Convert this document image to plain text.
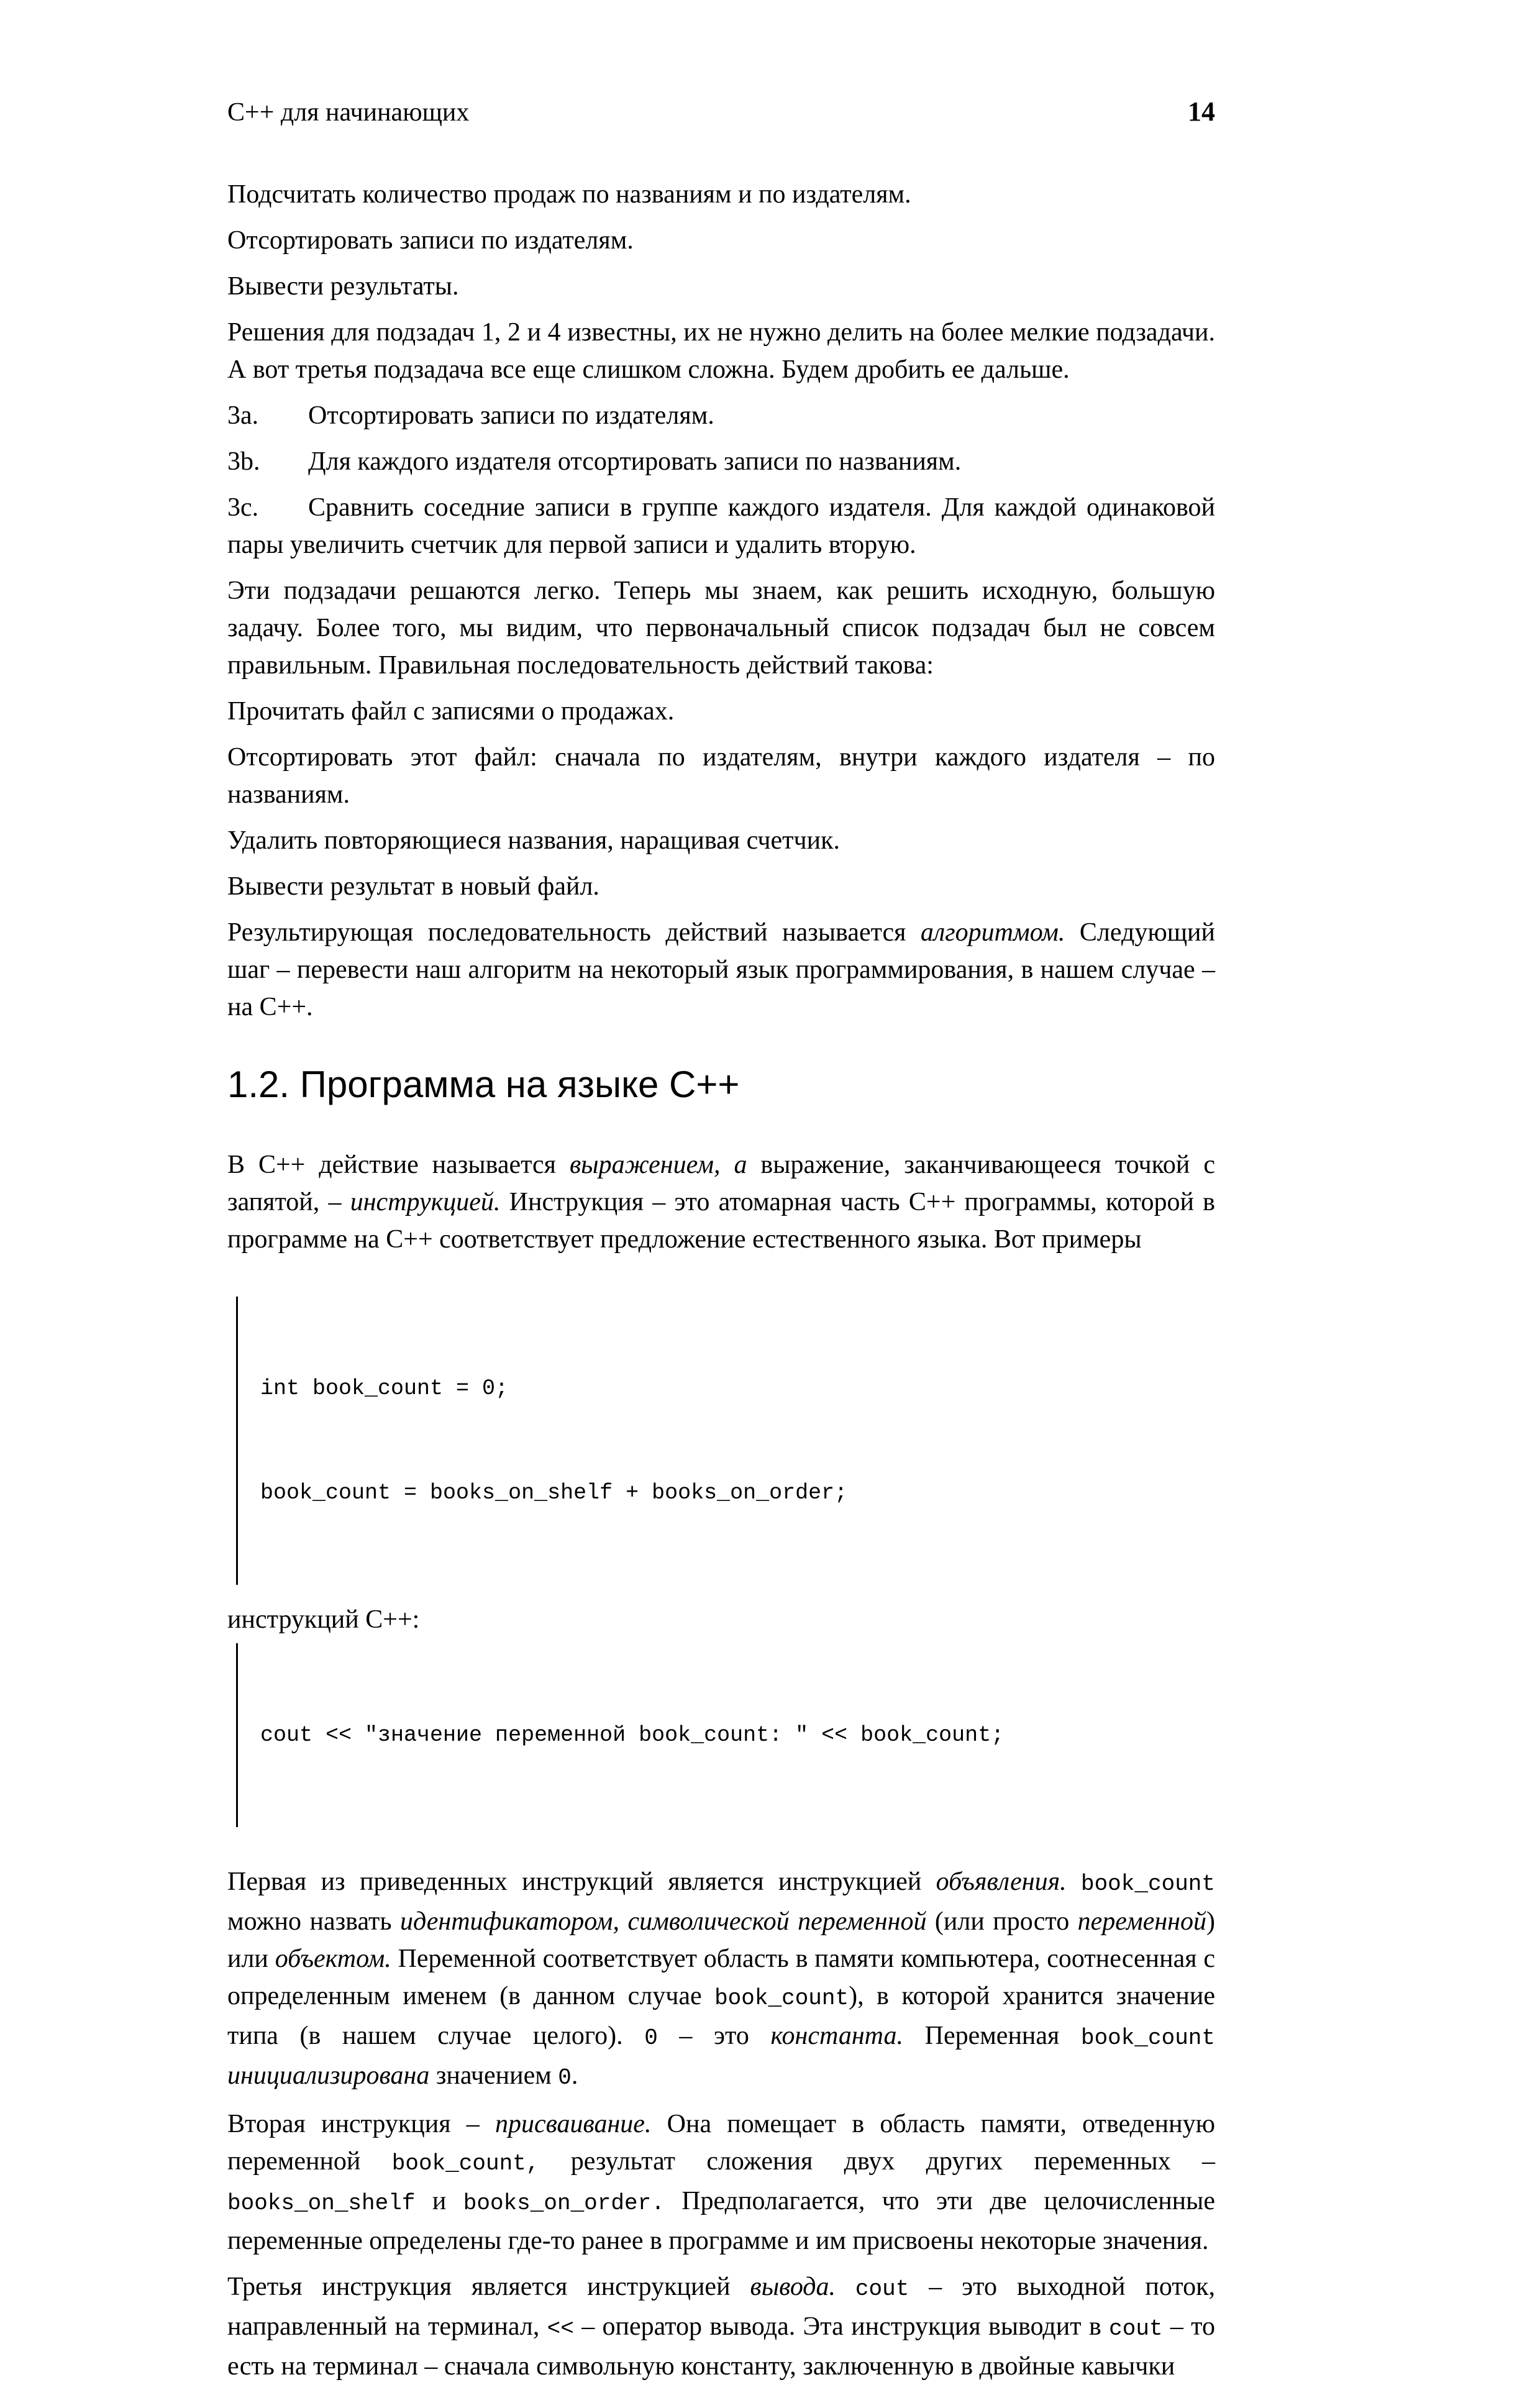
С++ для начинающих	14

Подсчитать количество продаж по названиям и по издателям.

Отсортировать записи по издателям.

Вывести результаты.

Решения для подзадач 1, 2 и 4 известны, их не нужно делить на более мелкие подзадачи. А вот третья подзадача все еще слишком сложна. Будем дробить ее дальше.

3a. Отсортировать записи по издателям.

3b. Для каждого издателя отсортировать записи по названиям.

3c. Сравнить соседние записи в группе каждого издателя. Для каждой одинаковой пары увеличить счетчик для первой записи и удалить вторую.

Эти подзадачи решаются легко. Теперь мы знаем, как решить исходную, большую задачу. Более того, мы видим, что первоначальный список подзадач был не совсем правильным. Правильная последовательность действий такова:

Прочитать файл с записями о продажах.

Отсортировать этот файл: сначала по издателям, внутри каждого издателя – по названиям.

Удалить повторяющиеся названия, наращивая счетчик.

Вывести результат в новый файл.

Результирующая последовательность действий называется алгоритмом. Следующий шаг – перевести наш алгоритм на некоторый язык программирования, в нашем случае – на С++.

1.2. Программа на языке С++

В С++ действие называется выражением, а выражение, заканчивающееся точкой с запятой, – инструкцией. Инструкция – это атомарная часть С++ программы, которой в программе на С++ соответствует предложение естественного языка. Вот примеры

int book_count = 0;

book_count = books_on_shelf + books_on_order;

инструкций С++:

cout << "значение переменной book_count: " << book_count;

Первая из приведенных инструкций является инструкцией объявления. book_count можно назвать идентификатором, символической переменной (или просто переменной) или объектом. Переменной соответствует область в памяти компьютера, соотнесенная с определенным именем (в данном случае book_count), в которой хранится значение типа (в нашем случае целого). 0 – это константа. Переменная book_count инициализирована значением 0.

Вторая инструкция – присваивание. Она помещает в область памяти, отведенную переменной book_count, результат сложения двух других переменных – books_on_shelf и books_on_order. Предполагается, что эти две целочисленные переменные определены где-то ранее в программе и им присвоены некоторые значения.

Третья инструкция является инструкцией вывода. cout – это выходной поток, направленный на терминал, << – оператор вывода. Эта инструкция выводит в cout – то есть на терминал – сначала символьную константу, заключенную в двойные кавычки
